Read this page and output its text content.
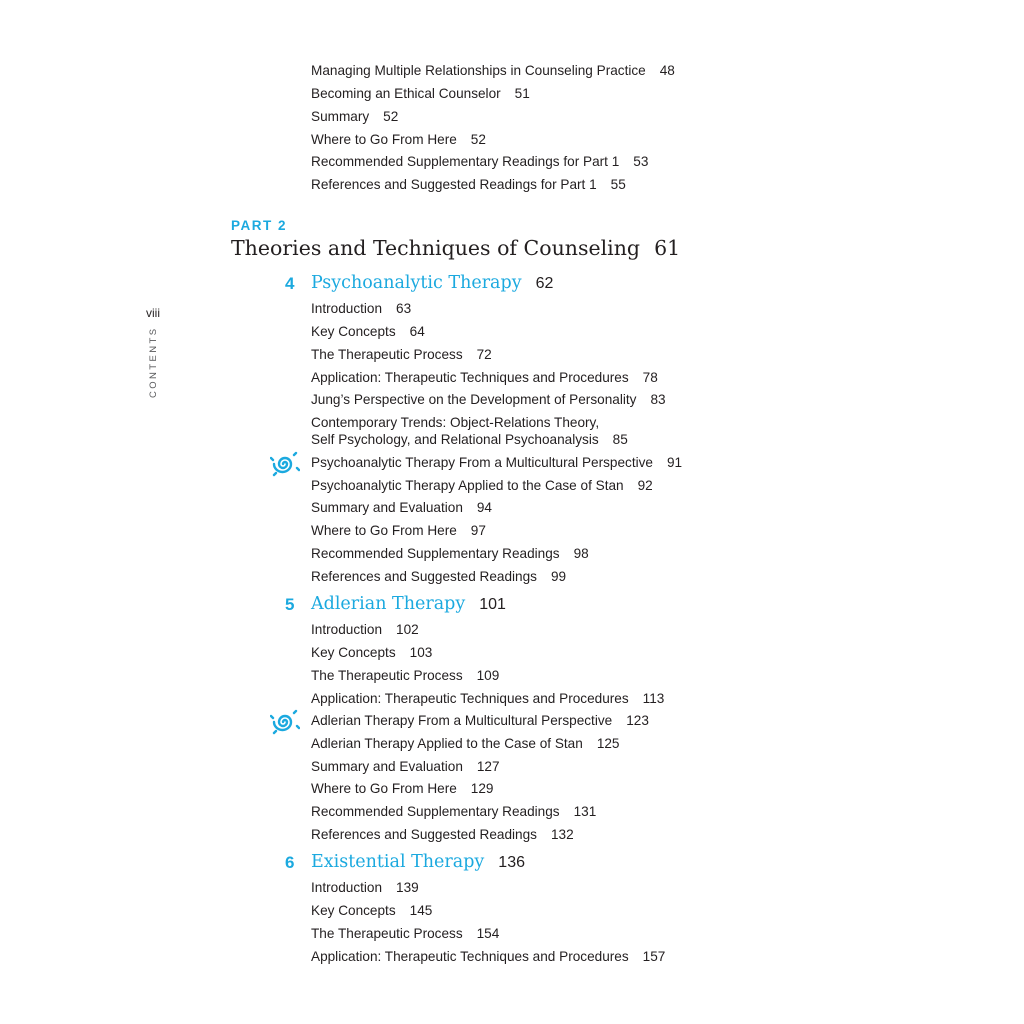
viii
CONTENTS
Managing Multiple Relationships in Counseling Practice 48
Becoming an Ethical Counselor 51
Summary 52
Where to Go From Here 52
Recommended Supplementary Readings for Part 1 53
References and Suggested Readings for Part 1 55
PART 2
Theories and Techniques of Counseling 61
4 Psychoanalytic Therapy 62
Introduction 63
Key Concepts 64
The Therapeutic Process 72
Application: Therapeutic Techniques and Procedures 78
Jung’s Perspective on the Development of Personality 83
Contemporary Trends: Object-Relations Theory,
Self Psychology, and Relational Psychoanalysis 85
Psychoanalytic Therapy From a Multicultural Perspective 91
Psychoanalytic Therapy Applied to the Case of Stan 92
Summary and Evaluation 94
Where to Go From Here 97
Recommended Supplementary Readings 98
References and Suggested Readings 99
5 Adlerian Therapy 101
Introduction 102
Key Concepts 103
The Therapeutic Process 109
Application: Therapeutic Techniques and Procedures 113
Adlerian Therapy From a Multicultural Perspective 123
Adlerian Therapy Applied to the Case of Stan 125
Summary and Evaluation 127
Where to Go From Here 129
Recommended Supplementary Readings 131
References and Suggested Readings 132
6 Existential Therapy 136
Introduction 139
Key Concepts 145
The Therapeutic Process 154
Application: Therapeutic Techniques and Procedures 157
